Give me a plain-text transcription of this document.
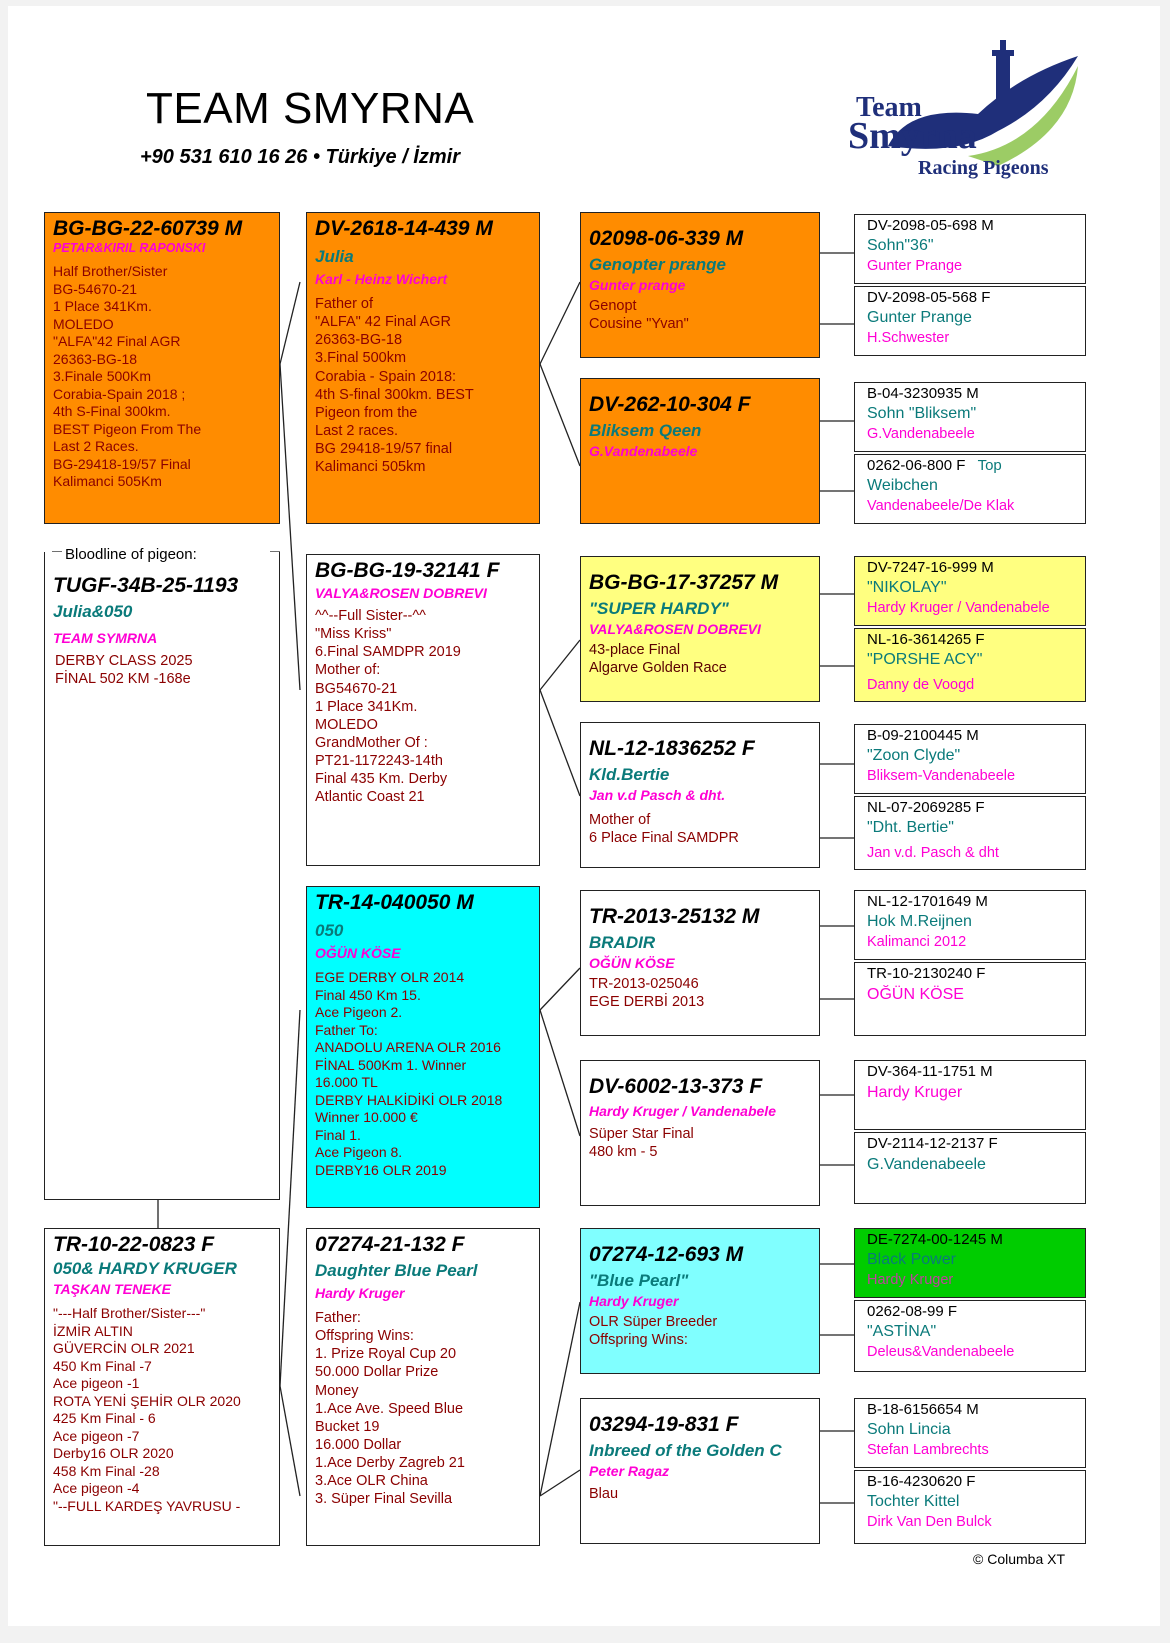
TEAM SMYRNA
+90 531 610 16 26 • Türkiye / İzmir
Team
Smyrna
Racing Pigeons
BG-BG-22-60739 M
PETAR&KIRIL RAPONSKI
Half Brother/Sister
BG-54670-21
1 Place 341Km.
MOLEDO
"ALFA"42 Final AGR
26363-BG-18
3.Finale 500Km
Corabia-Spain 2018 ;
4th S-Final 300km.
BEST Pigeon From The
Last 2 Races.
BG-29418-19/57 Final
Kalimanci 505Km
TUGF-34B-25-1193
Julia&050
TEAM SYMRNA
DERBY CLASS 2025
FİNAL 502 KM -168e
Bloodline of pigeon:
TR-10-22-0823 F
050& HARDY KRUGER
TAŞKAN TENEKE
"---Half Brother/Sister---"
İZMİR ALTIN
GÜVERCİN OLR 2021
450 Km Final -7
Ace pigeon -1
ROTA YENİ ŞEHİR OLR 2020
425 Km Final - 6
Ace pigeon -7
Derby16 OLR 2020
458 Km Final -28
Ace pigeon -4
"--FULL KARDEŞ YAVRUSU -
DV-2618-14-439 M
Julia
Karl - Heinz Wichert
Father of
"ALFA" 42 Final AGR
26363-BG-18
3.Final 500km
Corabia - Spain 2018:
4th S-final 300km. BEST
Pigeon from the
Last 2 races.
BG 29418-19/57 final
Kalimanci 505km
BG-BG-19-32141 F
VALYA&ROSEN DOBREVI
^^--Full Sister--^^
"Miss Kriss"
6.Final SAMDPR 2019
Mother of:
BG54670-21
1 Place 341Km.
MOLEDO
GrandMother Of :
PT21-1172243-14th
Final 435 Km. Derby
Atlantic Coast 21
TR-14-040050 M
050
OĞÜN KÖSE
EGE DERBY OLR 2014
Final 450 Km 15.
Ace Pigeon 2.
Father To:
ANADOLU ARENA OLR 2016
FİNAL 500Km 1. Winner
16.000 TL
DERBY HALKİDİKİ OLR 2018
Winner 10.000 €
Final 1.
Ace Pigeon 8.
DERBY16 OLR 2019
07274-21-132 F
Daughter Blue Pearl
Hardy Kruger
Father:
Offspring Wins:
1. Prize Royal Cup 20
50.000 Dollar Prize
Money
1.Ace Ave. Speed Blue
Bucket 19
16.000 Dollar
1.Ace Derby Zagreb 21
3.Ace OLR China
3. Süper Final Sevilla
02098-06-339 M
Genopter prange
Gunter prange
Genopt
Cousine "Yvan"
DV-262-10-304 F
Bliksem Qeen
G.Vandenabeele
BG-BG-17-37257 M
"SUPER HARDY"
VALYA&ROSEN DOBREVI
43-place Final
Algarve Golden Race
NL-12-1836252 F
Kld.Bertie
Jan v.d Pasch & dht.
Mother of
6 Place Final SAMDPR
TR-2013-25132 M
BRADIR
OĞÜN KÖSE
TR-2013-025046
EGE DERBİ 2013
DV-6002-13-373 F
Hardy Kruger / Vandenabele
Süper Star Final
480 km - 5
07274-12-693 M
"Blue Pearl"
Hardy Kruger
OLR Süper Breeder
Offspring Wins:
03294-19-831 F
Inbreed of the Golden C
Peter Ragaz
Blau
DV-2098-05-698 M
Sohn"36"
Gunter Prange
DV-2098-05-568 F
Gunter Prange
H.Schwester
B-04-3230935 M
Sohn "Bliksem"
G.Vandenabeele
0262-06-800 F Top
Weibchen
Vandenabeele/De Klak
DV-7247-16-999 M
"NIKOLAY"
Hardy Kruger / Vandenabele
NL-16-3614265 F
"PORSHE ACY"
Danny de Voogd
B-09-2100445 M
"Zoon Clyde"
Bliksem-Vandenabeele
NL-07-2069285 F
"Dht. Bertie"
Jan v.d. Pasch & dht
NL-12-1701649 M
Hok M.Reijnen
Kalimanci 2012
TR-10-2130240 F
OĞÜN KÖSE
DV-364-11-1751 M
Hardy Kruger
DV-2114-12-2137 F
G.Vandenabeele
DE-7274-00-1245 M
Black Power
Hardy Kruger
0262-08-99 F
"ASTİNA"
Deleus&Vandenabeele
B-18-6156654 M
Sohn Lincia
Stefan Lambrechts
B-16-4230620 F
Tochter Kittel
Dirk Van Den Bulck
© Columba XT
